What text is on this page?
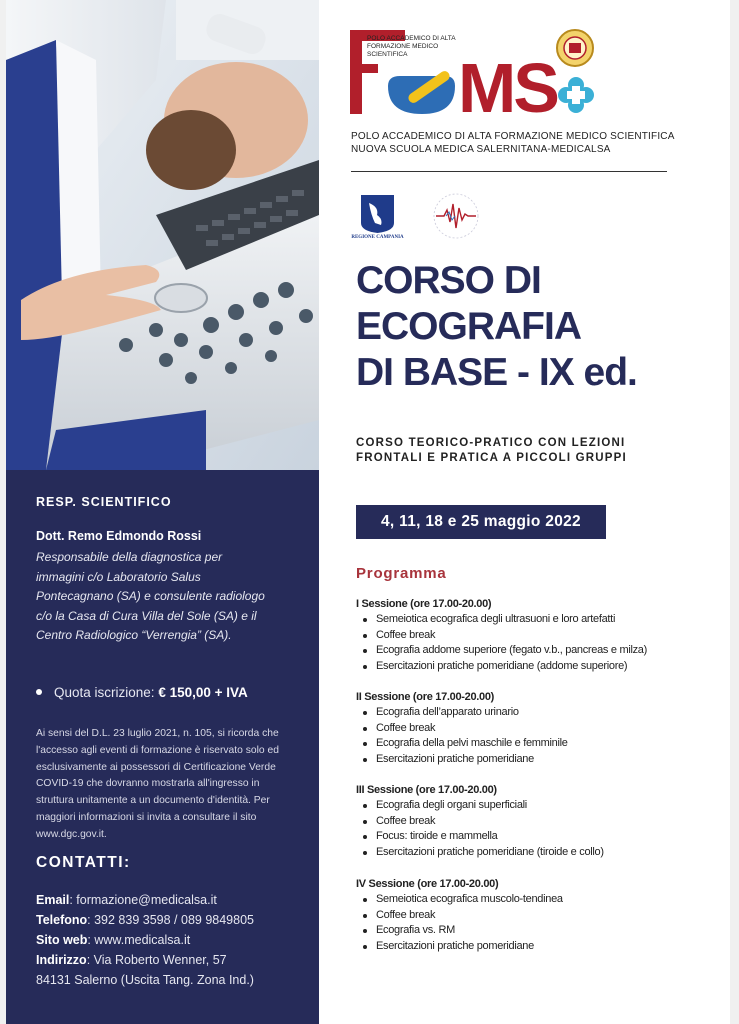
RESP. SCIENTIFICO
Dott. Remo Edmondo Rossi
Responsabile della diagnostica per immagini c/o Laboratorio Salus Pontecagnano (SA) e consulente radiologo c/o la Casa di Cura Villa del Sole (SA) e il Centro Radiologico “Verrengia” (SA).
Quota iscrizione: € 150,00 + IVA
Ai sensi del D.L. 23 luglio 2021, n. 105, si ricorda che l'accesso agli eventi di formazione è riservato solo ed esclusivamente ai possessori di Certificazione Verde COVID-19 che dovranno mostrarla all'ingresso in struttura unitamente a un documento d'identità. Per maggiori informazioni si invita a consultare il sito www.dgc.gov.it.
CONTATTI:
Email: formazione@medicalsa.it
Telefono: 392 839 3598 / 089 9849805
Sito web: www.medicalsa.it
Indirizzo: Via Roberto Wenner, 57
84131 Salerno (Uscita Tang. Zona Ind.)
MS
POLO ACCADEMICO DI ALTA
FORMAZIONE MEDICO
SCIENTIFICA
POLO ACCADEMICO DI ALTA FORMAZIONE MEDICO SCIENTIFICA
NUOVA SCUOLA MEDICA SALERNITANA-MEDICALSA
REGIONE CAMPANIA
CORSO DI
ECOGRAFIA
DI BASE - IX ed.
CORSO TEORICO-PRATICO CON LEZIONI
FRONTALI E PRATICA A PICCOLI GRUPPI
4, 11, 18 e 25 maggio 2022
Programma
I Sessione (ore 17.00-20.00)
Semeiotica ecografica degli ultrasuoni e loro artefatti
Coffee break
Ecografia addome superiore (fegato v.b., pancreas e milza)
Esercitazioni pratiche pomeridiane (addome superiore)
II Sessione (ore 17.00-20.00)
Ecografia dell’apparato urinario
Coffee break
Ecografia della pelvi maschile e femminile
Esercitazioni pratiche pomeridiane
III Sessione (ore 17.00-20.00)
Ecografia degli organi superficiali
Coffee break
Focus: tiroide e mammella
Esercitazioni pratiche pomeridiane (tiroide e collo)
IV Sessione (ore 17.00-20.00)
Semeiotica ecografica muscolo-tendinea
Coffee break
Ecografia vs. RM
Esercitazioni pratiche pomeridiane
